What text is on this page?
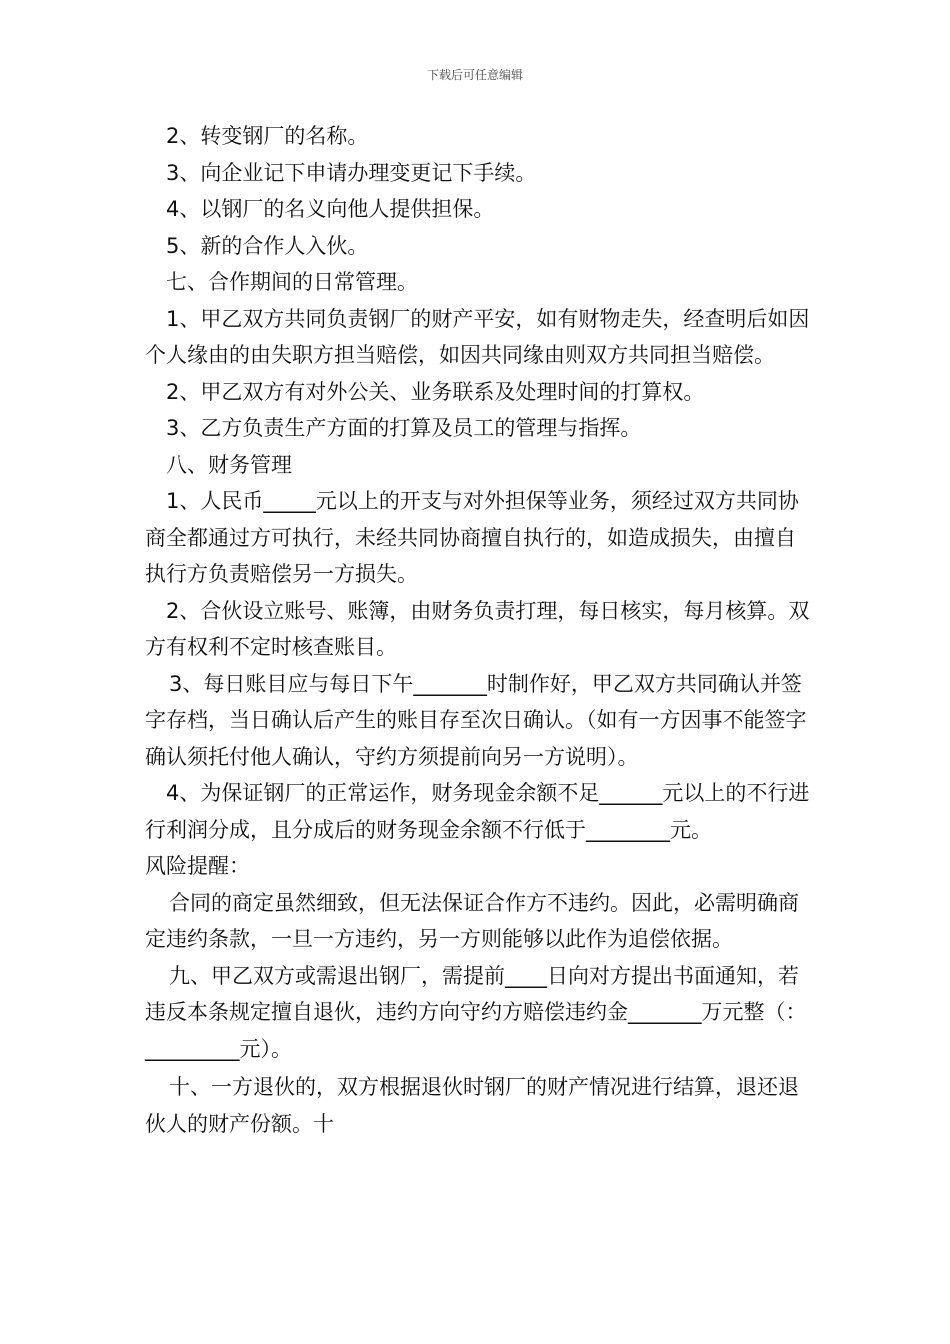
下载后可任意编辑

2、转变钢厂的名称。

3、向企业记下申请办理变更记下手续。

4、以钢厂的名义向他人提供担保。

5、新的合作人入伙。

七、合作期间的日常管理。

1、甲乙双方共同负责钢厂的财产平安，如有财物走失，经查明后如因个人缘由的由失职方担当赔偿，如因共同缘由则双方共同担当赔偿。

2、甲乙双方有对外公关、业务联系及处理时间的打算权。

3、乙方负责生产方面的打算及员工的管理与指挥。

八、财务管理

1、人民币_____元以上的开支与对外担保等业务，须经过双方共同协商全都通过方可执行，未经共同协商擅自执行的，如造成损失，由擅自执行方负责赔偿另一方损失。

2、合伙设立账号、账簿，由财务负责打理，每日核实，每月核算。双方有权利不定时核查账目。

3、每日账目应与每日下午_______时制作好，甲乙双方共同确认并签字存档，当日确认后产生的账目存至次日确认。（如有一方因事不能签字确认须托付他人确认，守约方须提前向另一方说明）。

4、为保证钢厂的正常运作，财务现金余额不足______元以上的不行进行利润分成，且分成后的财务现金余额不行低于________元。

风险提醒：

合同的商定虽然细致，但无法保证合作方不违约。因此，必需明确商定违约条款，一旦一方违约，另一方则能够以此作为追偿依据。

九、甲乙双方或需退出钢厂，需提前____日向对方提出书面通知，若违反本条规定擅自退伙，违约方向守约方赔偿违约金_______万元整（：_________元）。

十、一方退伙的，双方根据退伙时钢厂的财产情况进行结算，退还退伙人的财产份额。十
